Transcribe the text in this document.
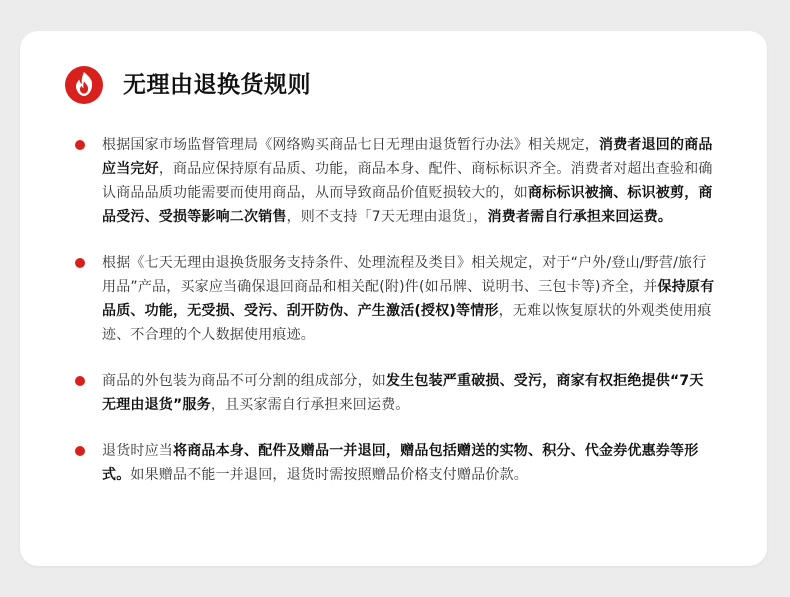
无理由退换货规则
根据国家市场监督管理局《网络购买商品七日无理由退货暂行办法》相关规定，消费者退回的商品应当完好，商品应保持原有品质、功能，商品本身、配件、商标标识齐全。消费者对超出查验和确认商品品质功能需要而使用商品，从而导致商品价值贬损较大的，如商标标识被摘、标识被剪，商品受污、受损等影响二次销售，则不支持「7天无理由退货」，消费者需自行承担来回运费。
根据《七天无理由退换货服务支持条件、处理流程及类目》相关规定，对于“户外/登山/野营/旅行用品”产品，买家应当确保退回商品和相关配(附)件(如吊牌、说明书、三包卡等)齐全，并保持原有品质、功能，无受损、受污、刮开防伪、产生激活(授权)等情形，无难以恢复原状的外观类使用痕迹、不合理的个人数据使用痕迹。
商品的外包装为商品不可分割的组成部分，如发生包装严重破损、受污，商家有权拒绝提供“7天无理由退货”服务，且买家需自行承担来回运费。
退货时应当将商品本身、配件及赠品一并退回，赠品包括赠送的实物、积分、代金券优惠券等形式。如果赠品不能一并退回，退货时需按照赠品价格支付赠品价款。
